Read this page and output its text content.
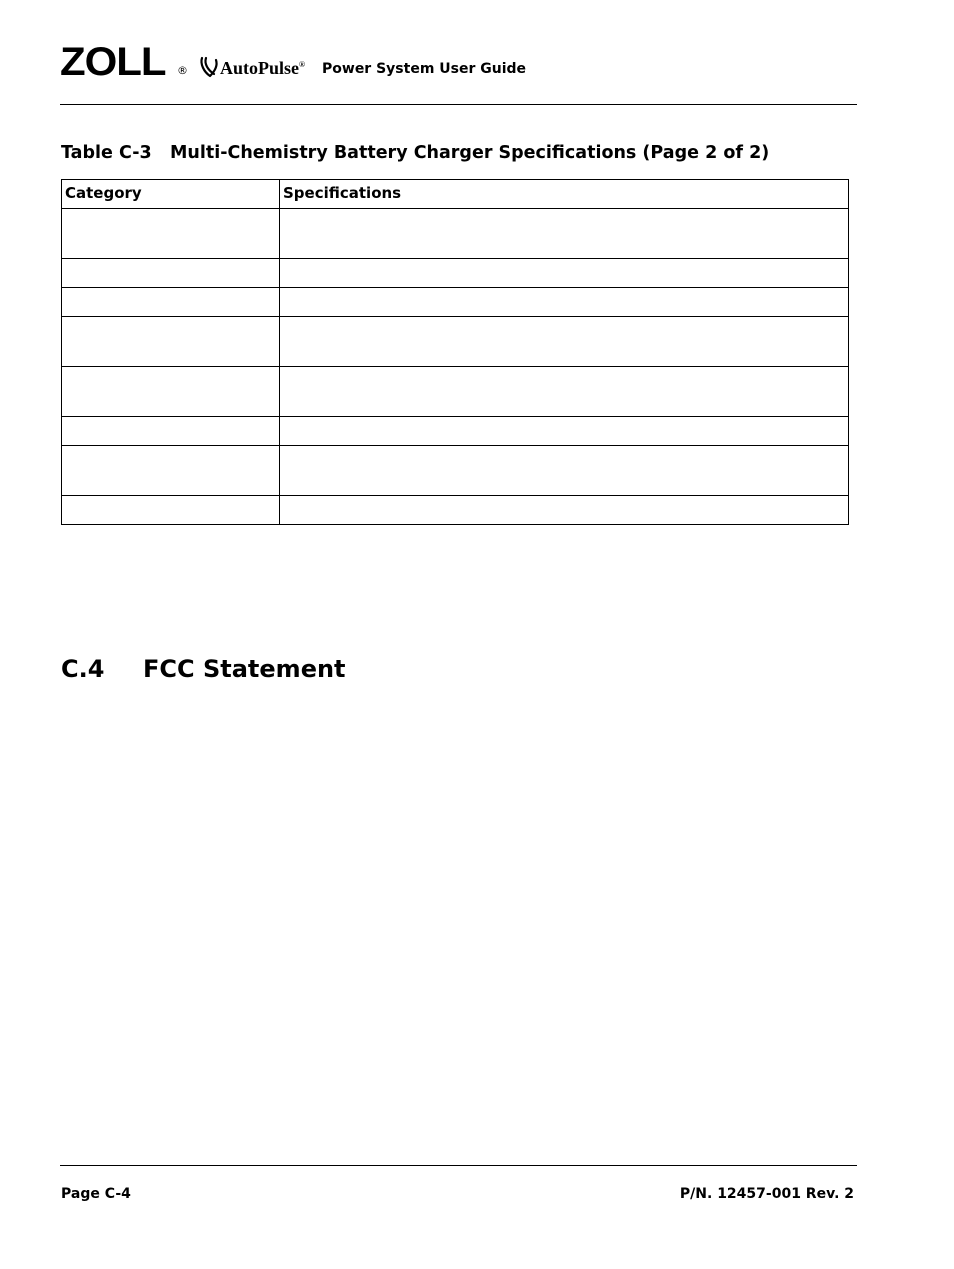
ZOLL ® AutoPulse® Power System User Guide
Table C-3 Multi-Chemistry Battery Charger Specifications (Page 2 of 2)
Category	Specifications

C.4 FCC Statement
Page C-4	P/N. 12457-001 Rev. 2
